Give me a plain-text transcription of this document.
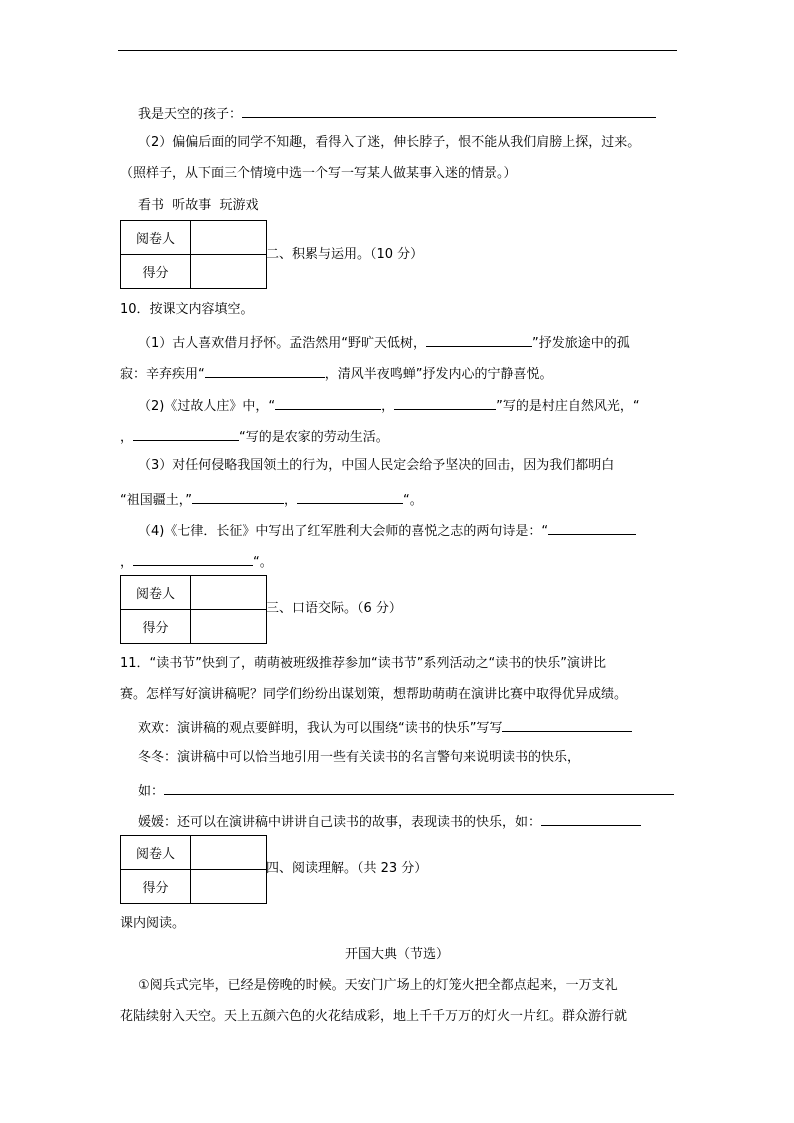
我是天空的孩子：
（2）偏偏后面的同学不知趣，看得入了迷，伸长脖子，恨不能从我们肩膀上探，过来。
（照样子，从下面三个情境中选一个写一写某人做某事入迷的情景。）
看书  听故事  玩游戏
阅卷人	
得分	
二、积累与运用。（10 分）
10．按课文内容填空。
（1）古人喜欢借月抒怀。孟浩然用“野旷天低树，	”抒发旅途中的孤
寂：辛弃疾用“	，清风半夜鸣蝉”抒发内心的宁静喜悦。
（2)《过故人庄》中，“	，	”写的是村庄自然风光，“
，	“写的是农家的劳动生活。
（3）对任何侵略我国领土的行为，中国人民定会给予坚决的回击，因为我们都明白
“祖国疆土，”	，	“。
（4)《七律．长征》中写出了红军胜利大会师的喜悦之志的两句诗是：“
，	“。
阅卷人	
得分	
三、口语交际。（6 分）
11．“读书节”快到了，萌萌被班级推荐参加“读书节”系列活动之“读书的快乐”演讲比
赛。怎样写好演讲稿呢？同学们纷纷出谋划策，想帮助萌萌在演讲比赛中取得优异成绩。
欢欢：演讲稿的观点要鲜明，我认为可以围绕“读书的快乐”写写
冬冬：演讲稿中可以恰当地引用一些有关读书的名言警句来说明读书的快乐，
如：
媛媛：还可以在演讲稿中讲讲自己读书的故事，表现读书的快乐，如：
阅卷人	
得分	
四、阅读理解。（共 23 分）
课内阅读。
开国大典（节选）
①阅兵式完毕，已经是傍晚的时候。天安门广场上的灯笼火把全都点起来，一万支礼
花陆续射入天空。天上五颜六色的火花结成彩，地上千千万万的灯火一片红。群众游行就
